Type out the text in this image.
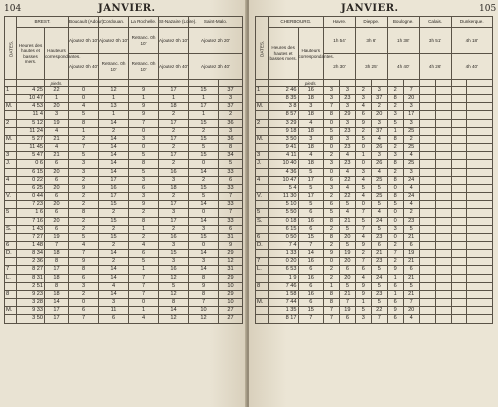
104	JANVIER.
DATES.	BREST.		Boucault (Adour).	Cordouan.	La Rochelle.	St-Nazaire (Loire).	Saint-Malo.	
	Heures des hautes et basses mers.	Hauteurs correspondantes.	Ajoutez 0h 10'	Ajoutez 0h 10'	Retranc. 0h 10'	Ajoutez 0h 10'	Ajoutez 2h 20'	
			Ajoutez 0h 40'	Retranc. 0h 10'	Retranc. 0h 10'	Ajoutez 0h 40'	Ajoutez 3h 40'	
		pieds.						
1	4 25	22	0	12	9	17	15	37
	10 47	1	0	1	1	1	1	3
M.	4 53	20	4	13	9	18	17	37
	11 4	3	5	1	9	2	1	2
2	5 12	19	8	14	7	17	15	36
	11 24	4	1	2	0	2	2	3
M.	5 27	21	2	14	3	17	15	36
	11 45	4	7	14	0	2	5	8
3	5 47	21	5	14	5	17	15	34
J.	0 6	6	3	14	8	2	0	5
	6 15	20	3	14	5	16	14	33
4	0 22	6	2	17	3	3	2	6
	6 25	20	9	16	6	18	15	33
V.	0 44	6	2	17	3	2	5	7
	7 23	20	2	15	9	17	14	33
5	1 6	6	8	2	2	3	0	7
	7 16	20	2	15	8	17	14	33
S.	1 43	6	2	2	1	2	3	6
	7 27	19	5	15	2	16	15	31
6	1 48	7	4	2	4	3	0	9
D.	8 34	18	7	14	6	15	14	29
	2 36	8	9	2	5	3	3	12
7	8 27	17	8	14	1	16	14	31
L.	8 31	18	6	14	7	12	8	29
	2 51	8	3	4	7	5	9	10
8	9 23	18	2	14	7	12	8	29
	3 28	14	0	3	0	8	7	10
M.	9 33	17	6	11	1	14	10	27
	3 50	17	7	6	4	12	12	27
JANVIER.	105
DATES.	CHERBOURG.		Havre.		Dieppe.		Boulogne.		Calais.		Dunkerque.	
	Heures des hautes et basses mers.	Hauteurs correspondantes.	1h 54'		3h 6'		1h 38'		3h 51'		4h 18'	
			2h 30'		3h 25'		4h 40'		4h 26'		4h 40'	
		pieds.										
1	2 46	16	3	3	2	3	2	7				
	8 35	18	3	23	3	37	8	20				
M.	3 8	3	7	3	4	2	2	3				
	8 57	18	8	29	6	20	3	17				
2	3 29	4	0	3	9	3	5	3				
	9 18	18	5	23	2	37	1	25				
M.	3 50	3	8	3	5	4	8	2				
	9 41	18	0	23	0	26	2	25				
3	4 11	4	2	4	1	3	3	4				
J.	10 40	18	3	23	0	26	8	25				
	4 36	5	0	4	3	4	2	3				
4	10 47	17	6	22	4	25	8	24				
	5 4	5	3	4	5	5	0	4				
V.	11 30	17	2	22	4	25	8	24				
	5 10	5	6	5	0	5	5	4				
5	5 50	6	5	4	7	4	0	2				
S.	0 18	16	8	21	5	24	0	23				
	6 15	6	2	5	7	5	3	5				
6	0 50	15	8	20	4	23	0	21				
D.	7 4	7	2	5	9	6	2	6				
	1 33	14	9	19	2	21	7	19				
7	0 20	16	0	20	7	23	2	21				
L.	6 53	6	2	6	6	5	9	6				
	1 9	16	2	20	4	24	1	21				
8	7 46	6	1	5	9	5	6	5				
	1 58	16	8	21	9	23	1	21				
M.	7 44	6	8	7	1	5	6	7				
	1 35	15	7	19	5	22	9	20				
	8 17	7	7	6	3	7	6	4				
